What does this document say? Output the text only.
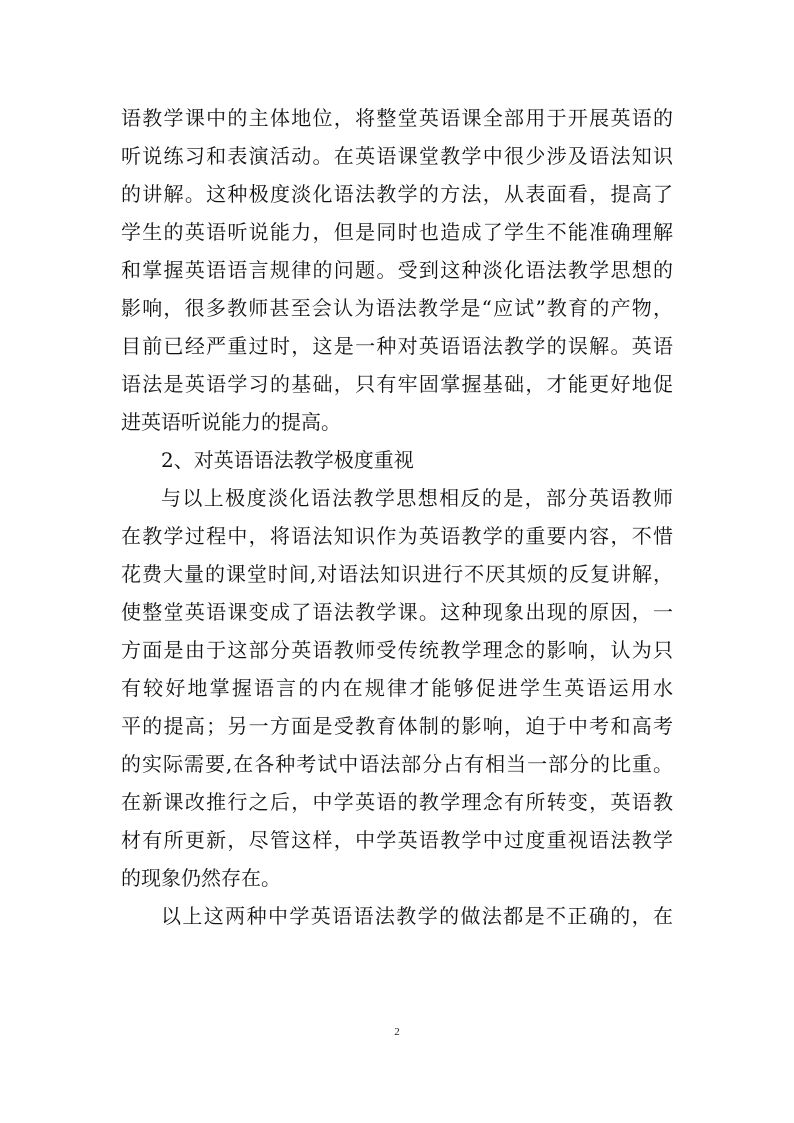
语教学课中的主体地位，将整堂英语课全部用于开展英语的
听说练习和表演活动。在英语课堂教学中很少涉及语法知识
的讲解。这种极度淡化语法教学的方法，从表面看，提高了
学生的英语听说能力，但是同时也造成了学生不能准确理解
和掌握英语语言规律的问题。受到这种淡化语法教学思想的
影响，很多教师甚至会认为语法教学是“应试”教育的产物，
目前已经严重过时，这是一种对英语语法教学的误解。英语
语法是英语学习的基础，只有牢固掌握基础，才能更好地促
进英语听说能力的提高。
2、对英语语法教学极度重视
与以上极度淡化语法教学思想相反的是，部分英语教师
在教学过程中，将语法知识作为英语教学的重要内容，不惜
花费大量的课堂时间,对语法知识进行不厌其烦的反复讲解，
使整堂英语课变成了语法教学课。这种现象出现的原因，一
方面是由于这部分英语教师受传统教学理念的影响，认为只
有较好地掌握语言的内在规律才能够促进学生英语运用水
平的提高；另一方面是受教育体制的影响，迫于中考和高考
的实际需要,在各种考试中语法部分占有相当一部分的比重。
在新课改推行之后，中学英语的教学理念有所转变，英语教
材有所更新，尽管这样，中学英语教学中过度重视语法教学
的现象仍然存在。
以上这两种中学英语语法教学的做法都是不正确的，在
2
